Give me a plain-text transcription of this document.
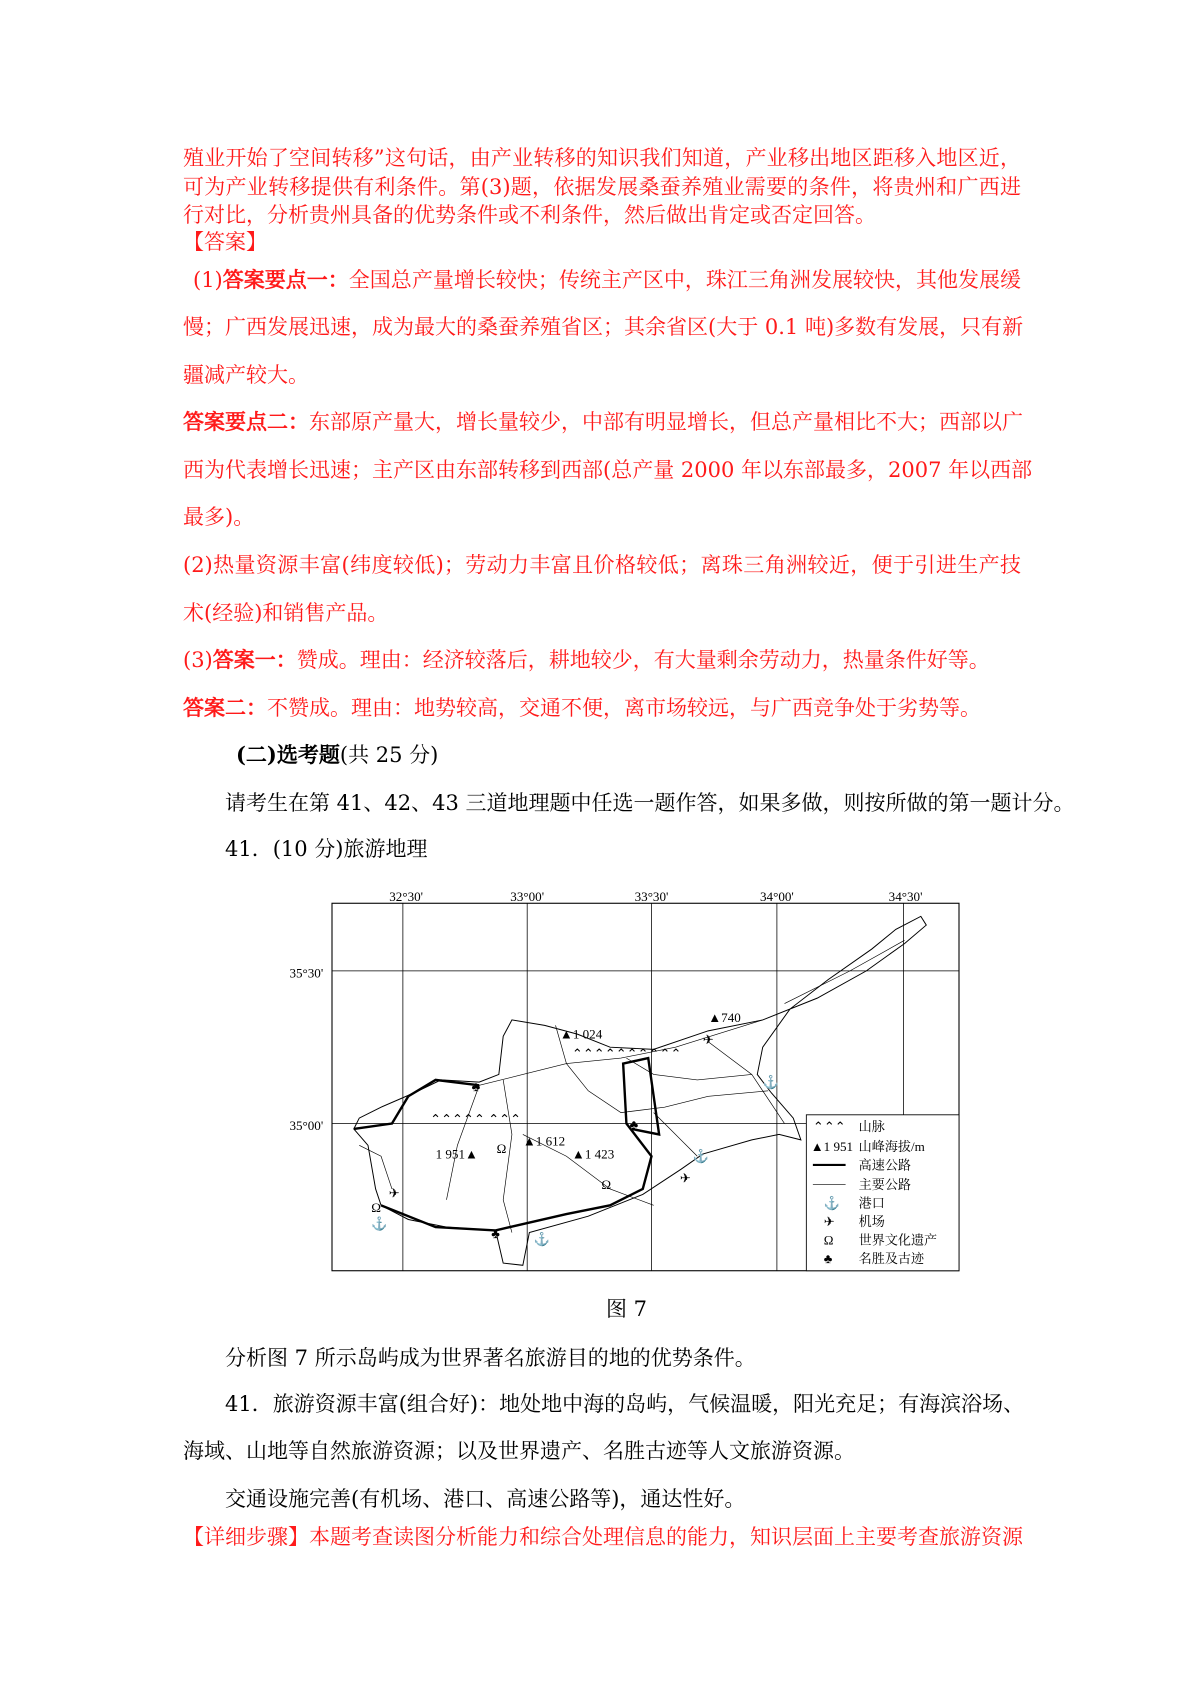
殖业开始了空间转移”这句话，由产业转移的知识我们知道，产业移出地区距移入地区近，
可为产业转移提供有利条件。第(3)题，依据发展桑蚕养殖业需要的条件，将贵州和广西进
行对比，分析贵州具备的优势条件或不利条件，然后做出肯定或否定回答。
【答案】
(1)答案要点一：全国总产量增长较快；传统主产区中，珠江三角洲发展较快，其他发展缓
慢；广西发展迅速，成为最大的桑蚕养殖省区；其余省区(大于 0.1 吨)多数有发展，只有新
疆减产较大。
答案要点二：东部原产量大，增长量较少，中部有明显增长，但总产量相比不大；西部以广
西为代表增长迅速；主产区由东部转移到西部(总产量 2000 年以东部最多，2007 年以西部
最多)。
(2)热量资源丰富(纬度较低)；劳动力丰富且价格较低；离珠三角洲较近，便于引进生产技
术(经验)和销售产品。
(3)答案一：赞成。理由：经济较落后，耕地较少，有大量剩余劳动力，热量条件好等。
答案二：不赞成。理由：地势较高，交通不便，离市场较远，与广西竞争处于劣势等。
(二)选考题(共 25 分)
请考生在第 41、42、43 三道地理题中任选一题作答，如果多做，则按所做的第一题计分。
41．(10 分)旅游地理
32°30'	33°00'	33°30'	34°00'	34°30'
35°30'
35°00'	⌃⌃⌃⌃⌃ ⌃⌃⌃
⌃⌃⌃⌃⌃⌃⌃⌃⌃⌃
▲1 024
▲740
▲1 612
1 951▲	▲1 423
⚓
⚓
⚓
⚓
✈
✈
✈
Ω
Ω
Ω
♣
♣
♣
⌃⌃⌃ 山脉
▲1 951 山峰海拔/m
高速公路
主要公路
⚓ 港口
✈ 机场
Ω 世界文化遗产
♣ 名胜及古迹
图 7
分析图 7 所示岛屿成为世界著名旅游目的地的优势条件。
41．旅游资源丰富(组合好)：地处地中海的岛屿，气候温暖，阳光充足；有海滨浴场、
海域、山地等自然旅游资源；以及世界遗产、名胜古迹等人文旅游资源。
交通设施完善(有机场、港口、高速公路等)，通达性好。
【详细步骤】本题考查读图分析能力和综合处理信息的能力，知识层面上主要考查旅游资源
